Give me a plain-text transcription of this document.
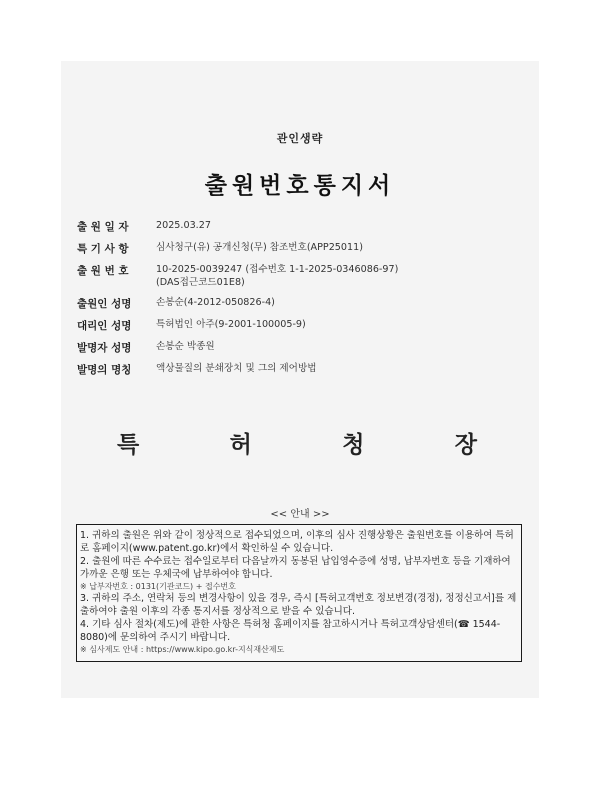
관인생략
출원번호통지서
출 원 일 자	2025.03.27
특 기 사 항	심사청구(유) 공개신청(무) 참조번호(APP25011)
출 원 번 호	10-2025-0039247 (접수번호 1-1-2025-0346086-97)
(DAS접근코드01E8)
출원인 성명	손봉순(4-2012-050826-4)
대리인 성명	특허법인 아주(9-2001-100005-9)
발명자 성명	손봉순 박종원
발명의 명칭	액상물질의 분쇄장치 및 그의 제어방법
특	허	청	장
<< 안내 >>

1. 귀하의 출원은 위와 같이 정상적으로 접수되었으며, 이후의 심사 진행상황은 출원번호를 이용하여 특허로 홈페이지(www.patent.go.kr)에서 확인하실 수 있습니다.

2. 출원에 따른 수수료는 접수일로부터 다음날까지 동봉된 납입영수증에 성명, 납부자번호 등을 기재하여 가까운 은행 또는 우체국에 납부하여야 합니다.

※ 납부자번호 : 0131(기관코드) + 접수번호

3. 귀하의 주소, 연락처 등의 변경사항이 있을 경우, 즉시 [특허고객번호 정보변경(경정), 정정신고서]를 제출하여야 출원 이후의 각종 통지서를 정상적으로 받을 수 있습니다.

4. 기타 심사 절차(제도)에 관한 사항은 특허청 홈페이지를 참고하시거나 특허고객상담센터(☎ 1544-8080)에 문의하여 주시기 바랍니다.

※ 심사제도 안내 : https://www.kipo.go.kr-지식재산제도
